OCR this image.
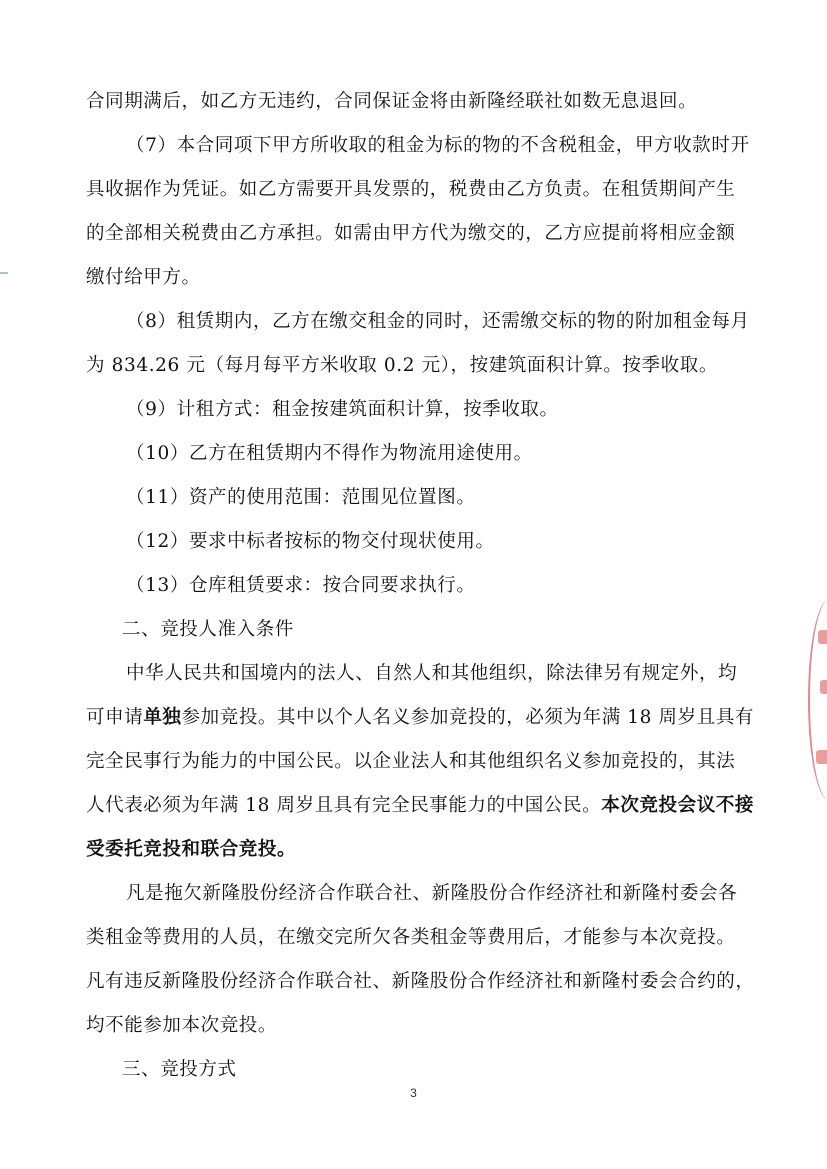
合同期满后，如乙方无违约，合同保证金将由新隆经联社如数无息退回。
（7）本合同项下甲方所收取的租金为标的物的不含税租金，甲方收款时开
具收据作为凭证。如乙方需要开具发票的，税费由乙方负责。在租赁期间产生
的全部相关税费由乙方承担。如需由甲方代为缴交的，乙方应提前将相应金额
缴付给甲方。
（8）租赁期内，乙方在缴交租金的同时，还需缴交标的物的附加租金每月
为 834.26 元（每月每平方米收取 0.2 元），按建筑面积计算。按季收取。
（9）计租方式：租金按建筑面积计算，按季收取。
（10）乙方在租赁期内不得作为物流用途使用。
（11）资产的使用范围：范围见位置图。
（12）要求中标者按标的物交付现状使用。
（13）仓库租赁要求：按合同要求执行。
二、竞投人准入条件
中华人民共和国境内的法人、自然人和其他组织，除法律另有规定外，均
可申请单独参加竞投。其中以个人名义参加竞投的，必须为年满 18 周岁且具有
完全民事行为能力的中国公民。以企业法人和其他组织名义参加竞投的，其法
人代表必须为年满 18 周岁且具有完全民事能力的中国公民。本次竞投会议不接
受委托竞投和联合竞投。
凡是拖欠新隆股份经济合作联合社、新隆股份合作经济社和新隆村委会各
类租金等费用的人员，在缴交完所欠各类租金等费用后，才能参与本次竞投。
凡有违反新隆股份经济合作联合社、新隆股份合作经济社和新隆村委会合约的，
均不能参加本次竞投。
三、竞投方式
3
